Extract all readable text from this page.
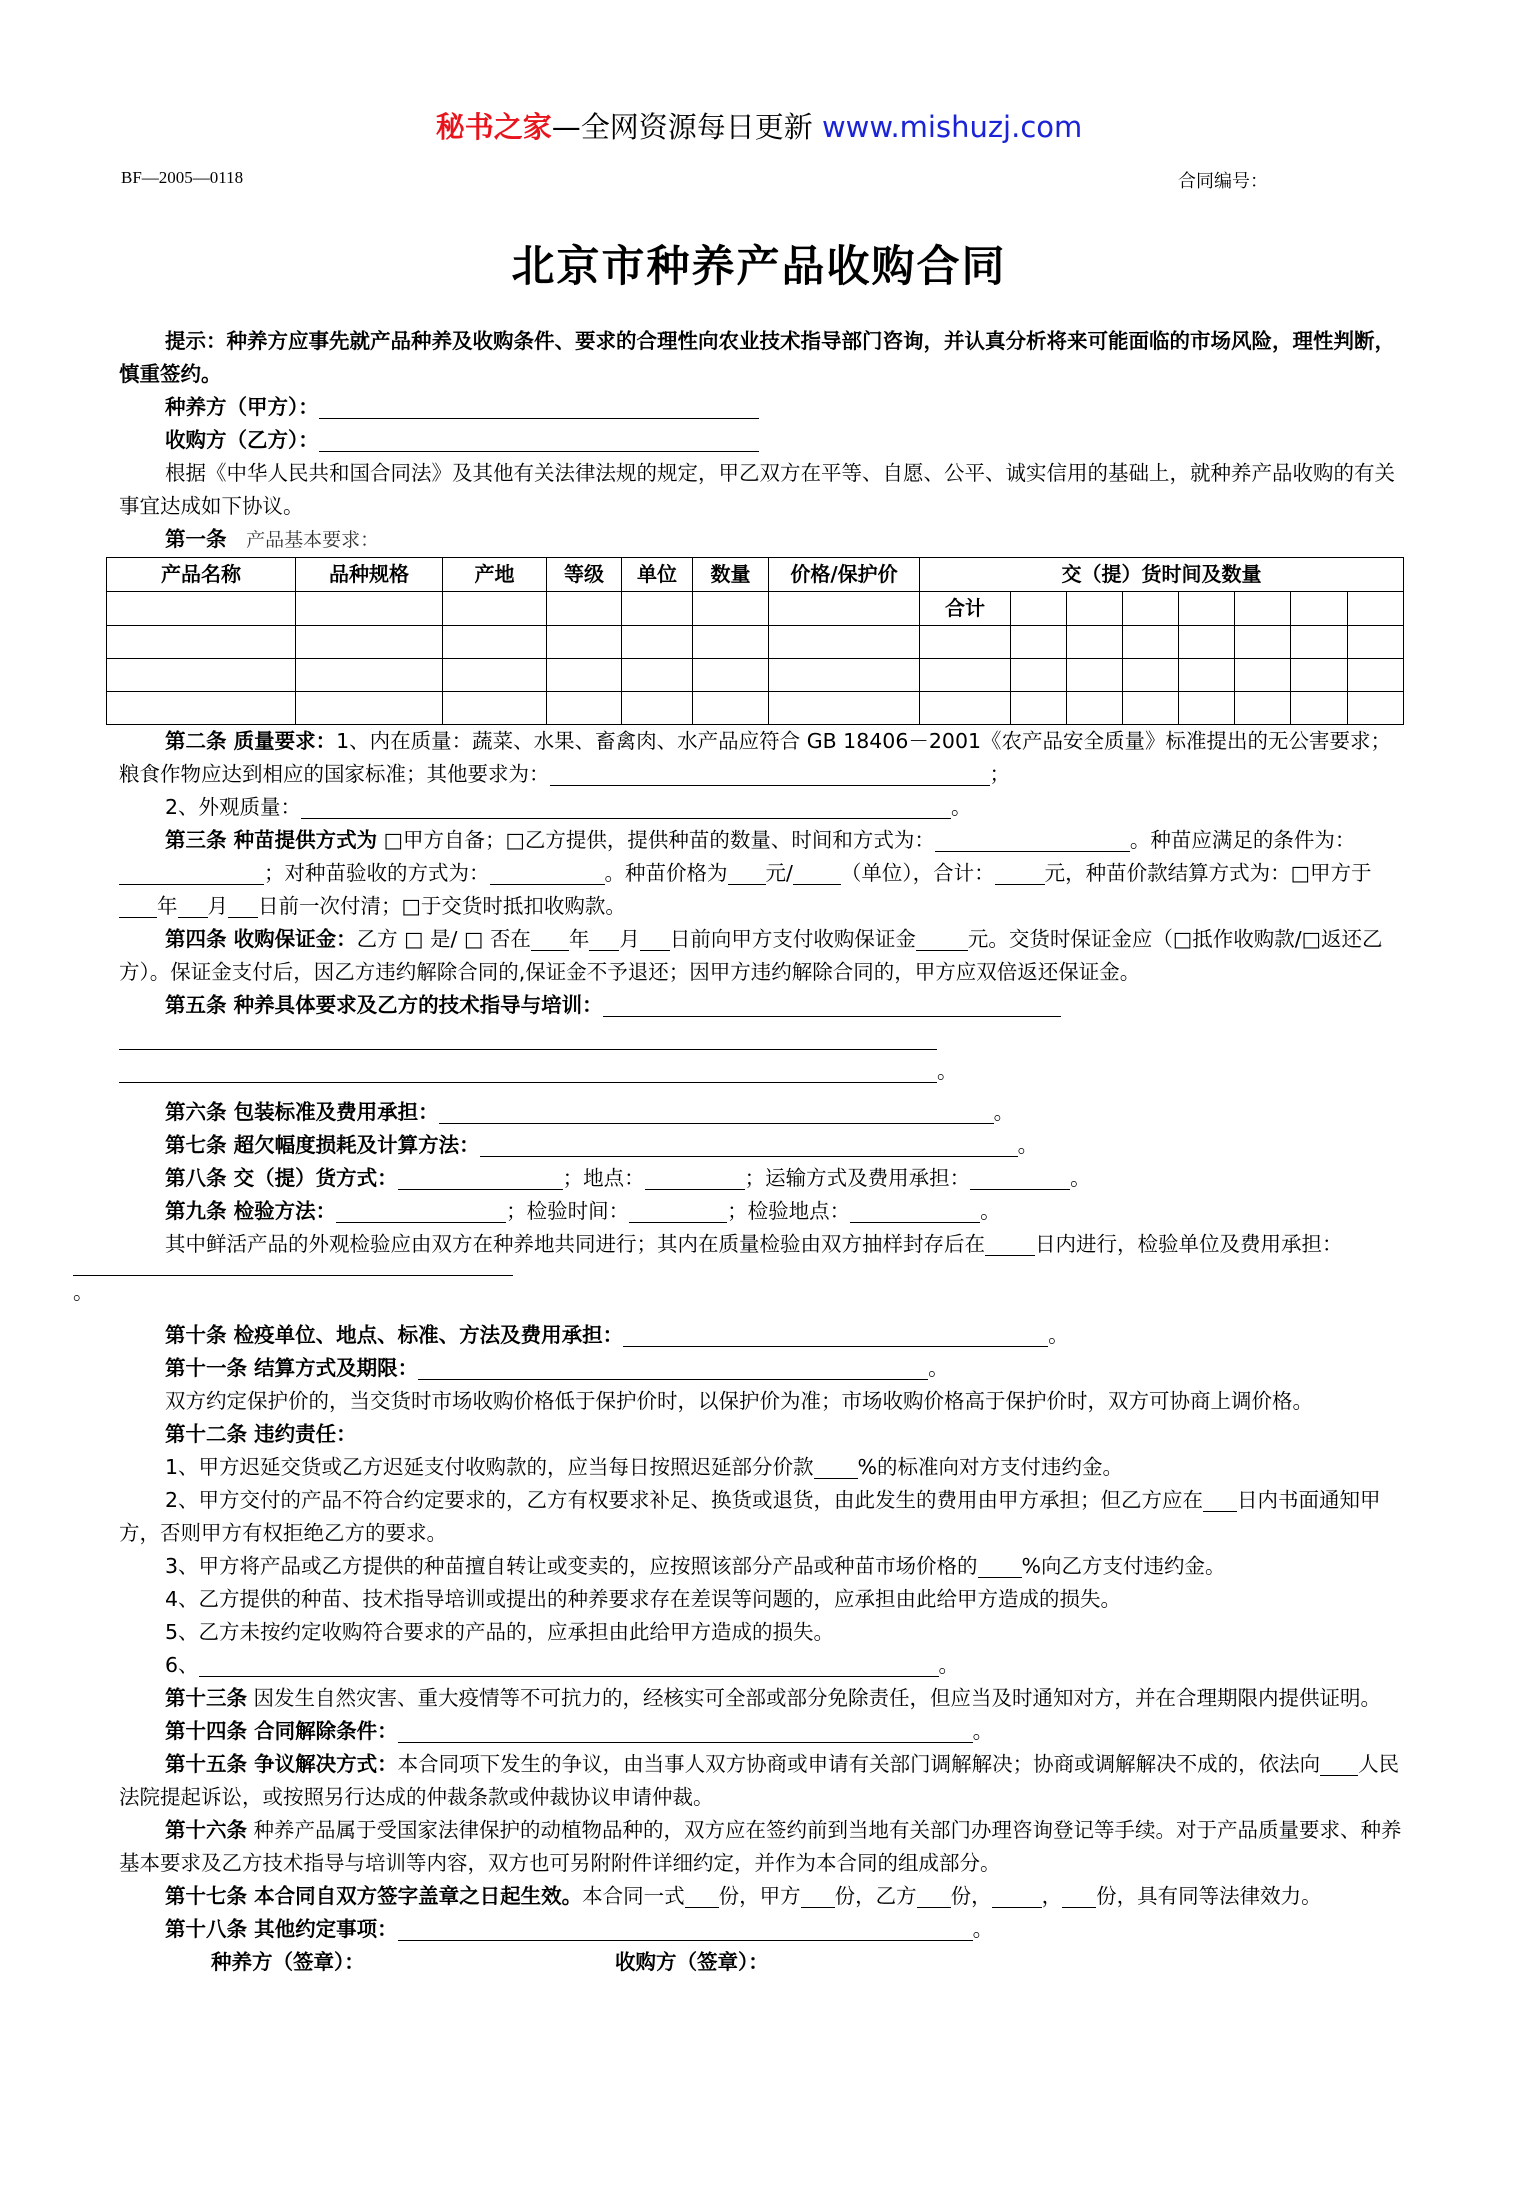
秘书之家—全网资源每日更新 www.mishuzj.com
BF—2005—0118	合同编号：
北京市种养产品收购合同

提示：种养方应事先就产品种养及收购条件、要求的合理性向农业技术指导部门咨询，并认真分析将来可能面临的市场风险，理性判断，慎重签约。

种养方（甲方）：

收购方（乙方）：

根据《中华人民共和国合同法》及其他有关法律法规的规定，甲乙双方在平等、自愿、公平、诚实信用的基础上，就种养产品收购的有关事宜达成如下协议。

第一条 产品基本要求：

产品名称	品种规格	产地	等级	单位	数量	价格/保护价	交（提）货时间及数量							
							合计							

第二条 质量要求：1、内在质量：蔬菜、水果、畜禽肉、水产品应符合 GB 18406－2001《农产品安全质量》标准提出的无公害要求；粮食作物应达到相应的国家标准；其他要求为：	；

2、外观质量：	。

第三条 种苗提供方式为 □甲方自备；□乙方提供，提供种苗的数量、时间和方式为：	。种苗应满足的条件为：；对种苗验收的方式为：	。种苗价格为 元/ （单位），合计： 元，种苗价款结算方式为：□甲方于年 月 日前一次付清；□于交货时抵扣收购款。

第四条 收购保证金：乙方 □ 是/ □ 否在 年 月 日前向甲方支付收购保证金	元。交货时保证金应（□抵作收购款/□返还乙方）。保证金支付后，因乙方违约解除合同的,保证金不予退还；因甲方违约解除合同的，甲方应双倍返还保证金。

第五条 种养具体要求及乙方的技术指导与培训：

。

第六条 包装标准及费用承担：	。

第七条 超欠幅度损耗及计算方法：	。

第八条 交（提）货方式：	；地点：	；运输方式及费用承担：	。

第九条 检验方法：	；检验时间：	；检验地点：	。

其中鲜活产品的外观检验应由双方在种养地共同进行；其内在质量检验由双方抽样封存后在 日内进行，检验单位及费用承担：
。

第十条 检疫单位、地点、标准、方法及费用承担：	。

第十一条 结算方式及期限：	。

双方约定保护价的，当交货时市场收购价格低于保护价时，以保护价为准；市场收购价格高于保护价时，双方可协商上调价格。

第十二条 违约责任：

1、甲方迟延交货或乙方迟延支付收购款的，应当每日按照迟延部分价款 %的标准向对方支付违约金。

2、甲方交付的产品不符合约定要求的，乙方有权要求补足、换货或退货，由此发生的费用由甲方承担；但乙方应在 日内书面通知甲方，否则甲方有权拒绝乙方的要求。

3、甲方将产品或乙方提供的种苗擅自转让或变卖的，应按照该部分产品或种苗市场价格的 %向乙方支付违约金。

4、乙方提供的种苗、技术指导培训或提出的种养要求存在差误等问题的，应承担由此给甲方造成的损失。

5、乙方未按约定收购符合要求的产品的，应承担由此给甲方造成的损失。

6、	。

第十三条 因发生自然灾害、重大疫情等不可抗力的，经核实可全部或部分免除责任，但应当及时通知对方，并在合理期限内提供证明。

第十四条 合同解除条件：	。

第十五条 争议解决方式：本合同项下发生的争议，由当事人双方协商或申请有关部门调解解决；协商或调解解决不成的，依法向 人民法院提起诉讼，或按照另行达成的仲裁条款或仲裁协议申请仲裁。

第十六条 种养产品属于受国家法律保护的动植物品种的，双方应在签约前到当地有关部门办理咨询登记等手续。对于产品质量要求、种养基本要求及乙方技术指导与培训等内容，双方也可另附附件详细约定，并作为本合同的组成部分。

第十七条 本合同自双方签字盖章之日起生效。本合同一式 份，甲方 份，乙方 份， ， 份，具有同等法律效力。

第十八条 其他约定事项：	。

种养方（签章）：	收购方（签章）：
